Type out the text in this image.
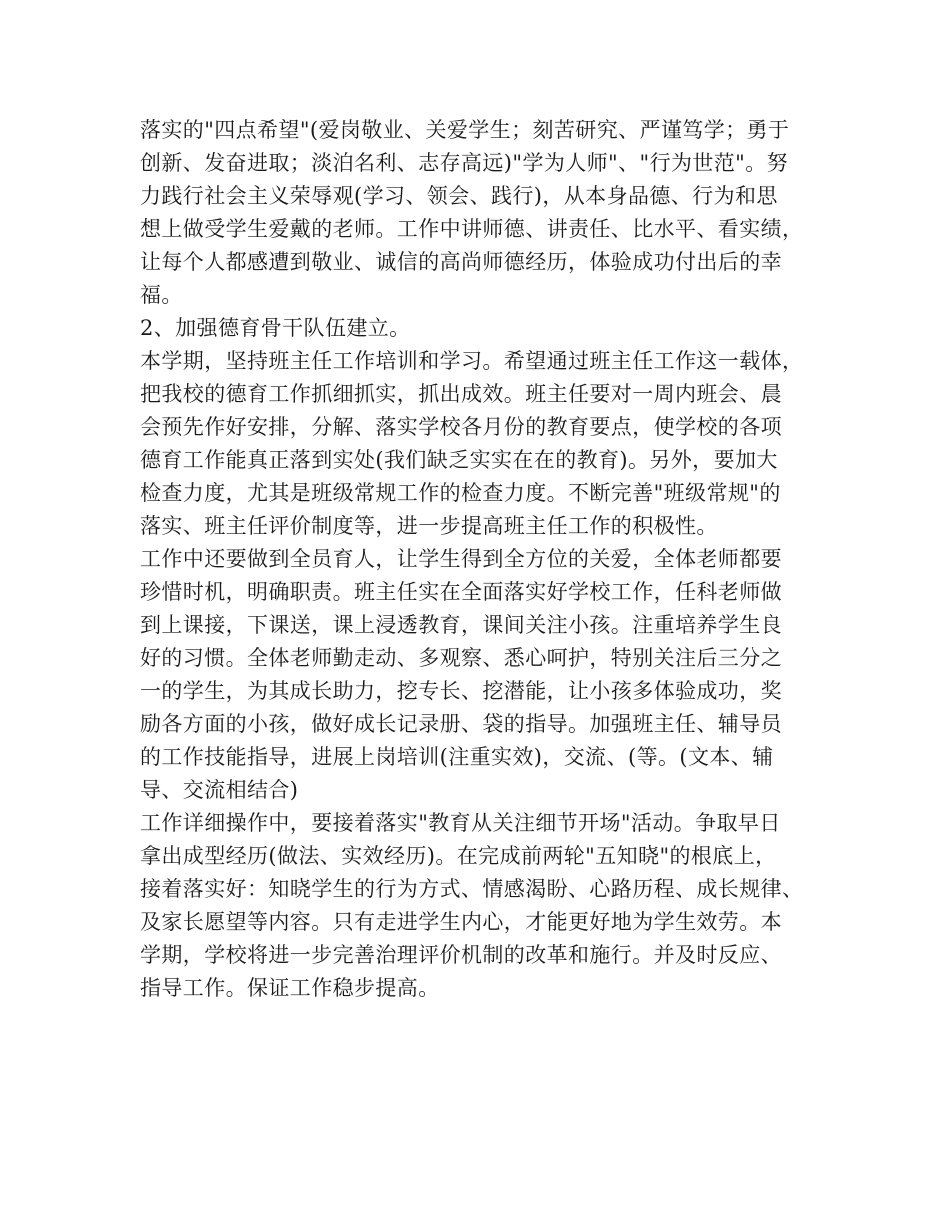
落实的"四点希望"(爱岗敬业、关爱学生；刻苦研究、严谨笃学；勇于
创新、发奋进取；淡泊名利、志存高远)"学为人师"、"行为世范"。努
力践行社会主义荣辱观(学习、领会、践行)，从本身品德、行为和思
想上做受学生爱戴的老师。工作中讲师德、讲责任、比水平、看实绩，
让每个人都感遭到敬业、诚信的高尚师德经历，体验成功付出后的幸
福。
2、加强德育骨干队伍建立。
本学期，坚持班主任工作培训和学习。希望通过班主任工作这一载体，
把我校的德育工作抓细抓实，抓出成效。班主任要对一周内班会、晨
会预先作好安排，分解、落实学校各月份的教育要点，使学校的各项
德育工作能真正落到实处(我们缺乏实实在在的教育)。另外，要加大
检查力度，尤其是班级常规工作的检查力度。不断完善"班级常规"的
落实、班主任评价制度等，进一步提高班主任工作的积极性。
工作中还要做到全员育人，让学生得到全方位的关爱，全体老师都要
珍惜时机，明确职责。班主任实在全面落实好学校工作，任科老师做
到上课接，下课送，课上浸透教育，课间关注小孩。注重培养学生良
好的习惯。全体老师勤走动、多观察、悉心呵护，特别关注后三分之
一的学生，为其成长助力，挖专长、挖潜能，让小孩多体验成功，奖
励各方面的小孩，做好成长记录册、袋的指导。加强班主任、辅导员
的工作技能指导，进展上岗培训(注重实效)，交流、(等。(文本、辅
导、交流相结合)
工作详细操作中，要接着落实"教育从关注细节开场"活动。争取早日
拿出成型经历(做法、实效经历)。在完成前两轮"五知晓"的根底上，
接着落实好：知晓学生的行为方式、情感渴盼、心路历程、成长规律、
及家长愿望等内容。只有走进学生内心，才能更好地为学生效劳。本
学期，学校将进一步完善治理评价机制的改革和施行。并及时反应、
指导工作。保证工作稳步提高。
